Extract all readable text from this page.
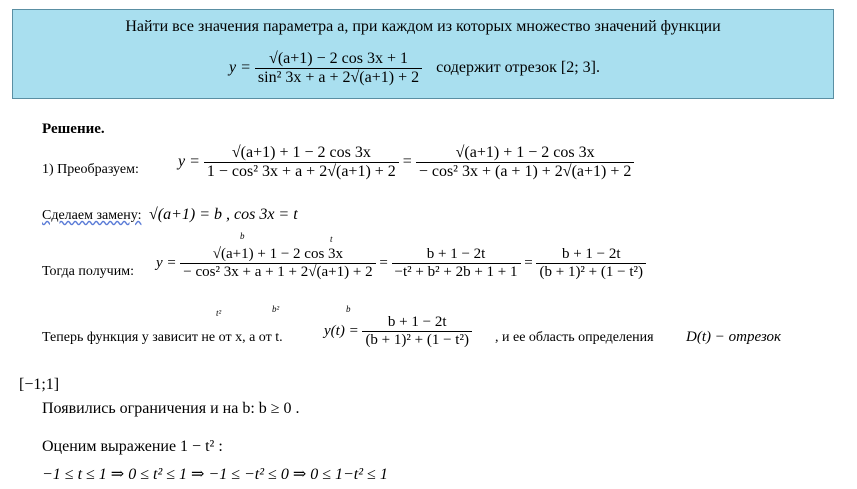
Найти все значения параметра a, при каждом из которых множество значений функции
$y = \frac{√(a+1) - 2 \cos 3x + 1}{\text{sin² 3x + a + 2√(a+1) + 2}}$ содержит отрезок [2; 3].
Решение.
1) Преобразуем: $y = \frac{√(a+1) + 1 - 2 \cos 3x}{\text{1 − cos² 3x + a + 2√(a+1) + 2}} = \frac{√(a+1) + 1 - 2 \cos 3x}{\text{− cos² 3x + (a + 1) + 2√(a+1) + 2}}$
Сделаем замену: √(a+1) = b , cos 3x = t
Тогда получим:
$y = \frac{√(a+1) + 1 - 2 \cos 3x}{\text{− cos² 3x + a + 1 + 2√(a+1) + 2}} = \frac{b + 1 - 2t}{\text{−t² + b² + 2b + 1 + 1}} = \frac{b + 1 - 2t}{\text{(b + 1)² + (1 − t²)}}$
b	t
t²	b²	b
Теперь функция у зависит не от х, а от t.	$y(t) = \frac{b + 1 - 2t}{\text{(b + 1)² + (1 − t²)}}$ , и ее область определения D(t) − отрезок
[−1;1]
Появились ограничения и на b: b ≥ 0 .
Оценим выражение 1 − t² :
−1 ≤ t ≤ 1 ⇒ 0 ≤ t² ≤ 1 ⇒ −1 ≤ −t² ≤ 0 ⇒ 0 ≤ 1−t² ≤ 1
